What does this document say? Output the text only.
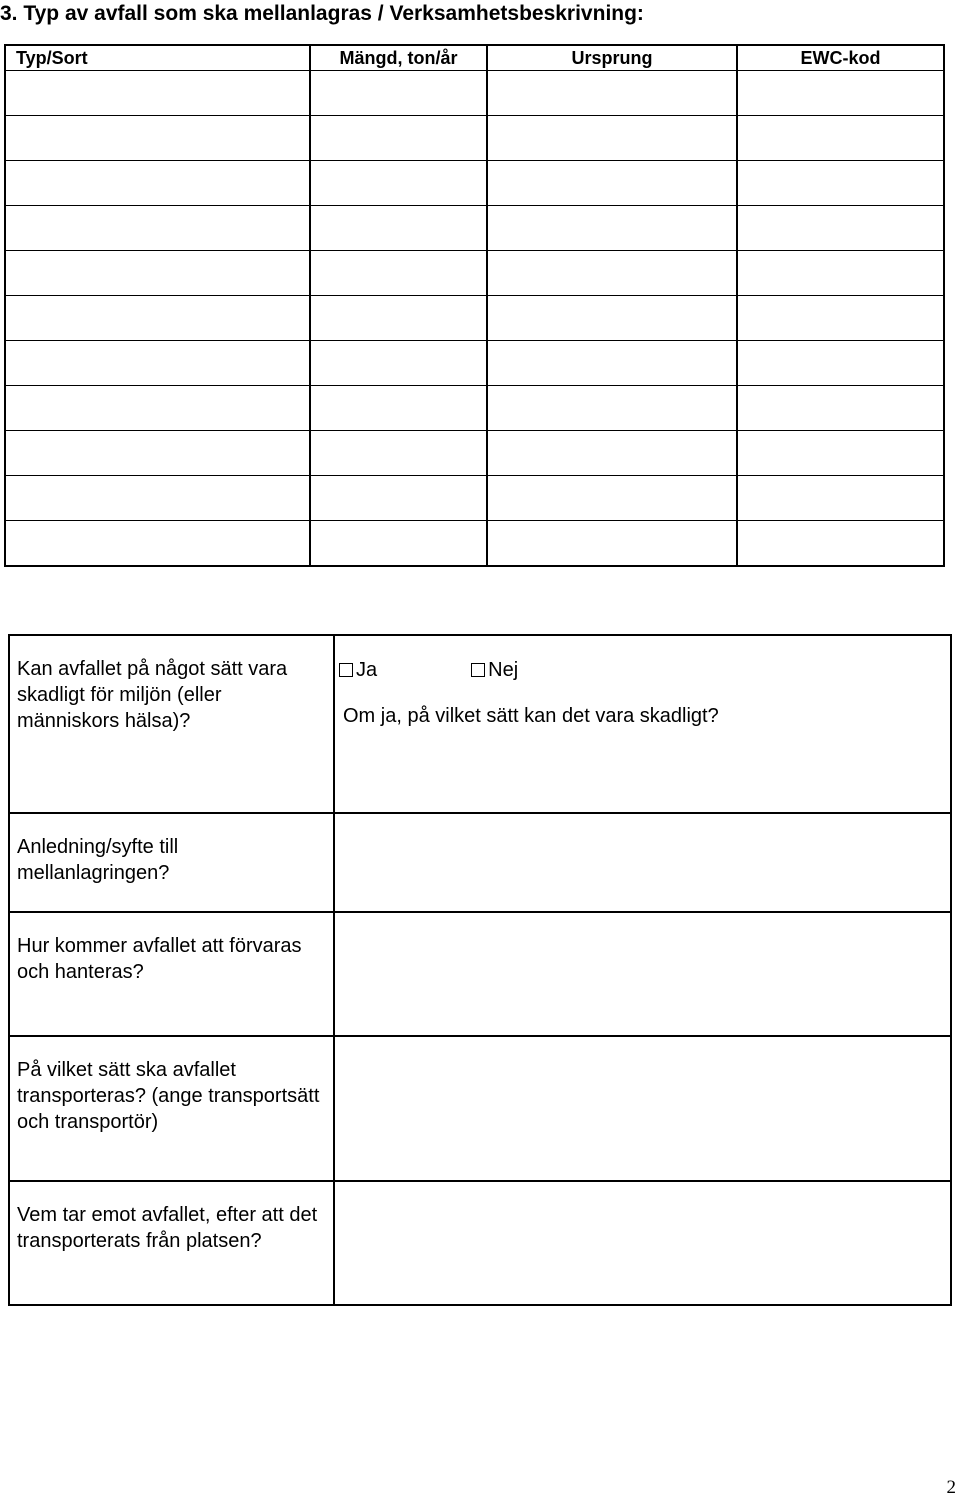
3. Typ av avfall som ska mellanlagras / Verksamhetsbeskrivning:
Typ/Sort	Mängd, ton/år	Ursprung	EWC-kod

Kan avfallet på något sätt vara skadligt för miljön (eller människors hälsa)?	Ja Nej
Om ja, på vilket sätt kan det vara skadligt?

Anledning/syfte till mellanlagringen?	
Hur kommer avfallet att förvaras och hanteras?	
På vilket sätt ska avfallet transporteras? (ange transportsätt och transportör)	
Vem tar emot avfallet, efter att det transporterats från platsen?	
2
